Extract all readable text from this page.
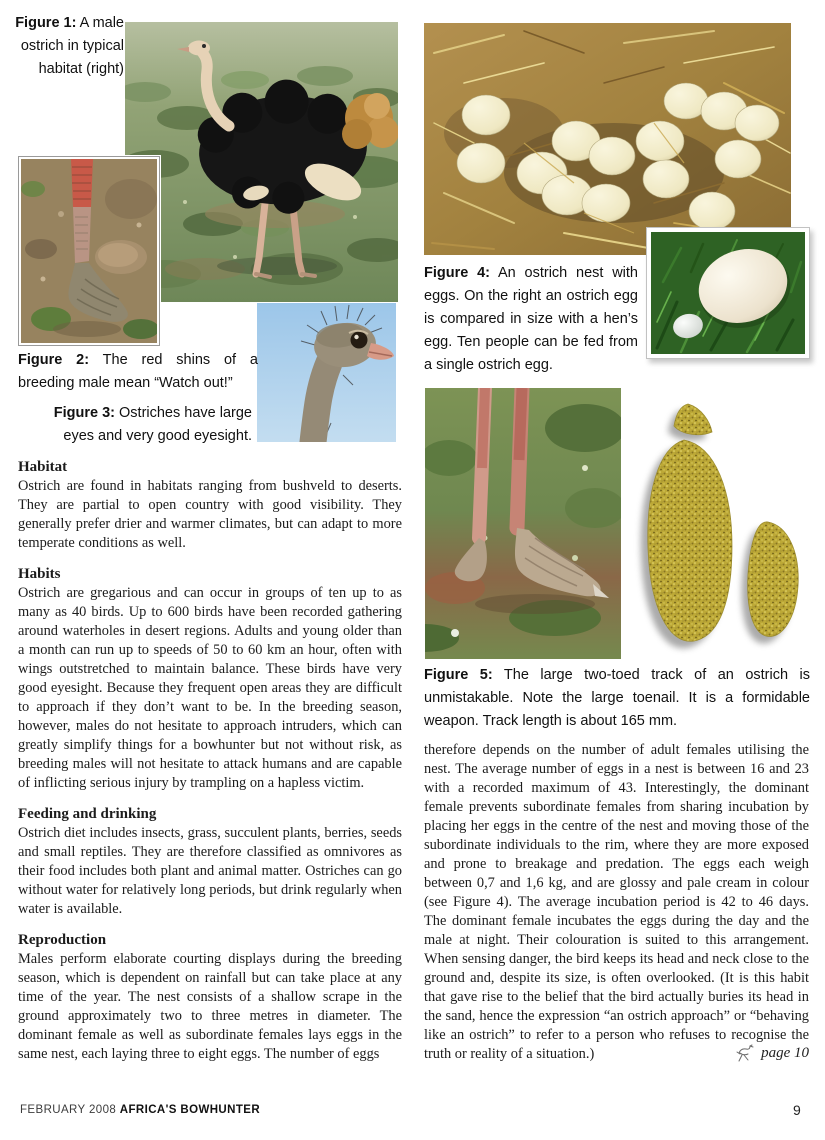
Figure 1: A male ostrich in typical habitat (right)
Figure 2: The red shins of a breeding male mean “Watch out!”
Figure 3: Ostriches have large eyes and very good eyesight.
Habitat

Ostrich are found in habitats ranging from bushveld to deserts. They are partial to open country with good visibility. They generally prefer drier and warmer climates, but can adapt to more temperate conditions as well.

Habits

Ostrich are gregarious and can occur in groups of ten up to as many as 40 birds. Up to 600 birds have been recorded gathering around waterholes in desert regions. Adults and young older than a month can run up to speeds of 50 to 60 km an hour, often with wings outstretched to maintain balance. These birds have very good eyesight. Because they frequent open areas they are difficult to approach if they don’t want to be. In the breeding season, however, males do not hesitate to approach intruders, which can greatly simplify things for a bowhunter but not without risk, as breeding males will not hesitate to attack humans and are capable of inflicting serious injury by trampling on a hapless victim.

Feeding and drinking

Ostrich diet includes insects, grass, succulent plants, berries, seeds and small reptiles. They are therefore classified as omnivores as their food includes both plant and animal matter. Ostriches can go without water for relatively long periods, but drink regularly when water is available.

Reproduction

Males perform elaborate courting displays during the breeding season, which is dependent on rainfall but can take place at any time of the year. The nest consists of a shallow scrape in the ground approximately two to three metres in diameter. The dominant female as well as subordinate females lays eggs in the same nest, each laying three to eight eggs. The number of eggs

Figure 4: An ostrich nest with eggs. On the right an ostrich egg is compared in size with a hen’s egg. Ten people can be fed from a single ostrich egg.
Figure 5: The large two-toed track of an ostrich is unmistakable. Note the large toenail. It is a formidable weapon. Track length is about 165 mm.

therefore depends on the number of adult females utilising the nest. The average number of eggs in a nest is between 16 and 23 with a recorded maximum of 43. Interestingly, the dominant female prevents subordinate females from sharing incubation by placing her eggs in the centre of the nest and moving those of the subordinate individuals to the rim, where they are more exposed and prone to breakage and predation. The eggs each weigh between 0,7 and 1,6 kg, and are glossy and pale cream in colour (see Figure 4). The average incubation period is 42 to 46 days. The dominant female incubates the eggs during the day and the male at night. Their colouration is suited to this arrangement. When sensing danger, the bird keeps its head and neck close to the ground and, despite its size, is often overlooked. (It is this habit that gave rise to the belief that the bird actually buries its head in the sand, hence the expression “an ostrich approach” or “behaving like an ostrich” to refer to a person who refuses to recognise the truth or reality of a situation.)	page 10
FEBRUARY 2008 AFRICA'S BOWHUNTER	9
